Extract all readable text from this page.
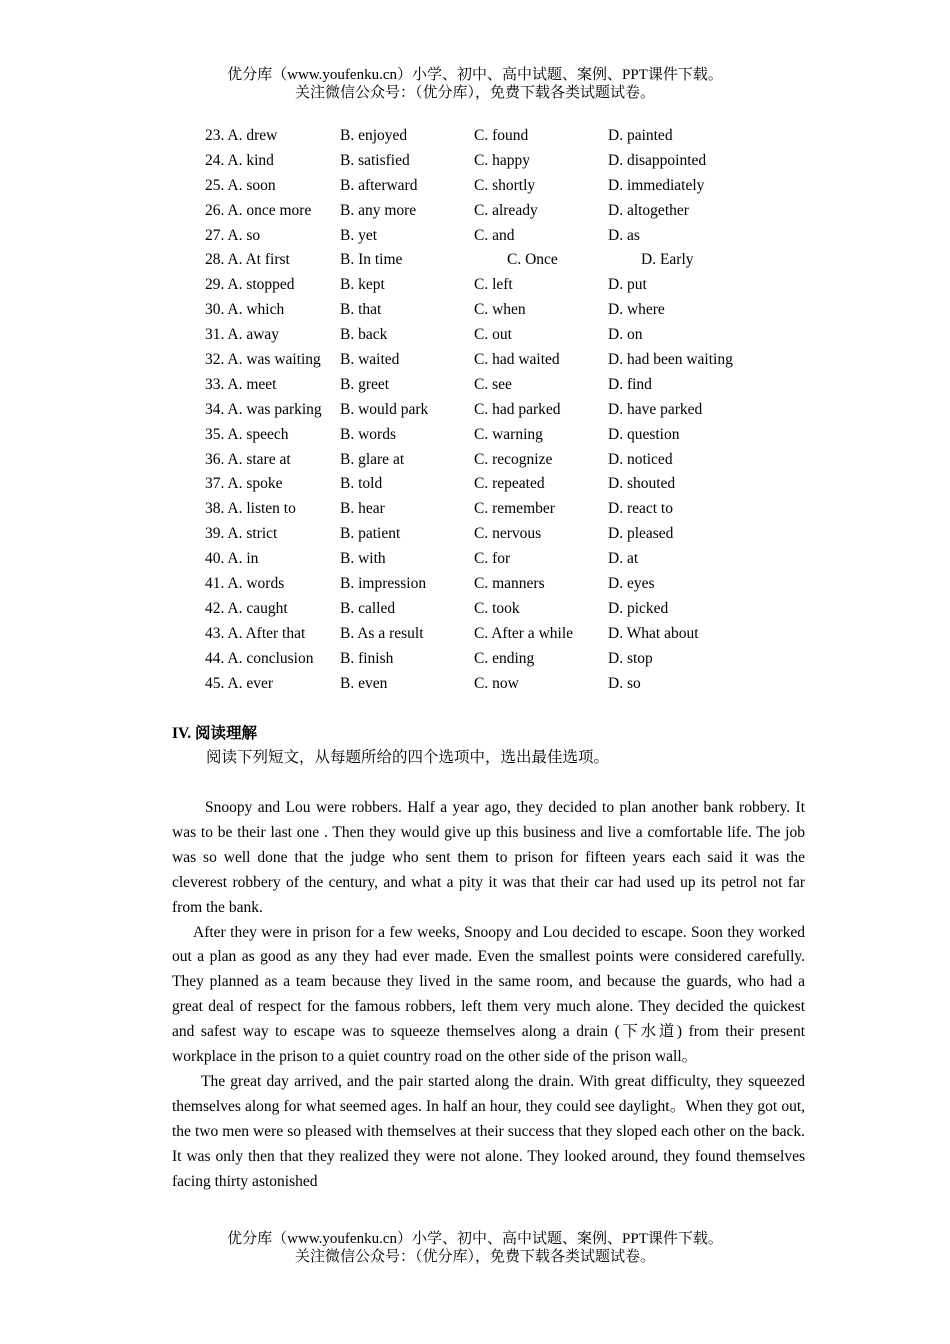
优分库（www.youfenku.cn）小学、初中、高中试题、案例、PPT课件下载。
关注微信公众号：（优分库），免费下载各类试题试卷。
23. A. drew	B. enjoyed	C. found	D. painted
24. A. kind	B. satisfied	C. happy	D. disappointed
25. A. soon	B. afterward	C. shortly	D. immediately
26. A. once more B. any more	C. already	D. altogether
27. A. so	B. yet	C. and	D. as
28. A. At first	B. In time	C. Once	D. Early
29. A. stopped	B. kept	C. left	D. put
30. A. which	B. that	C. when	D. where
31. A. away	B. back	C. out	D. on
32. A. was waiting B. waited	C. had waited	D. had been waiting
33. A. meet	B. greet	C. see	D. find
34. A. was parking B. would park	C. had parked	D. have parked
35. A. speech	B. words	C. warning	D. question
36. A. stare at	B. glare at	C. recognize	D. noticed
37. A. spoke	B. told	C. repeated	D. shouted
38. A. listen to	B. hear	C. remember	D. react to
39. A. strict	B. patient	C. nervous	D. pleased
40. A. in	B. with	C. for	D. at
41. A. words	B. impression	C. manners	D. eyes
42. A. caught	B. called	C. took	D. picked
43. A. After that B. As a result	C. After a while D. What about
44. A. conclusion B. finish	C. ending	D. stop
45. A. ever	B. even	C. now	D. so
IV. 阅读理解
阅读下列短文，从每题所给的四个选项中，选出最佳选项。

Snoopy and Lou were robbers. Half a year ago, they decided to plan another bank robbery. It was to be their last one . Then they would give up this business and live a comfortable life. The job was so well done that the judge who sent them to prison for fifteen years each said it was the cleverest robbery of the century, and what a pity it was that their car had used up its petrol not far from the bank.

After they were in prison for a few weeks, Snoopy and Lou decided to escape. Soon they worked out a plan as good as any they had ever made. Even the smallest points were considered carefully. They planned as a team because they lived in the same room, and because the guards, who had a great deal of respect for the famous robbers, left them very much alone. They decided the quickest and safest way to escape was to squeeze themselves along a drain (下水道) from their present workplace in the prison to a quiet country road on the other side of the prison wall。

The great day arrived, and the pair started along the drain. With great difficulty, they squeezed themselves along for what seemed ages. In half an hour, they could see daylight。When they got out, the two men were so pleased with themselves at their success that they sloped each other on the back. It was only then that they realized they were not alone. They looked around, they found themselves facing thirty astonished

优分库（www.youfenku.cn）小学、初中、高中试题、案例、PPT课件下载。
关注微信公众号：（优分库），免费下载各类试题试卷。
